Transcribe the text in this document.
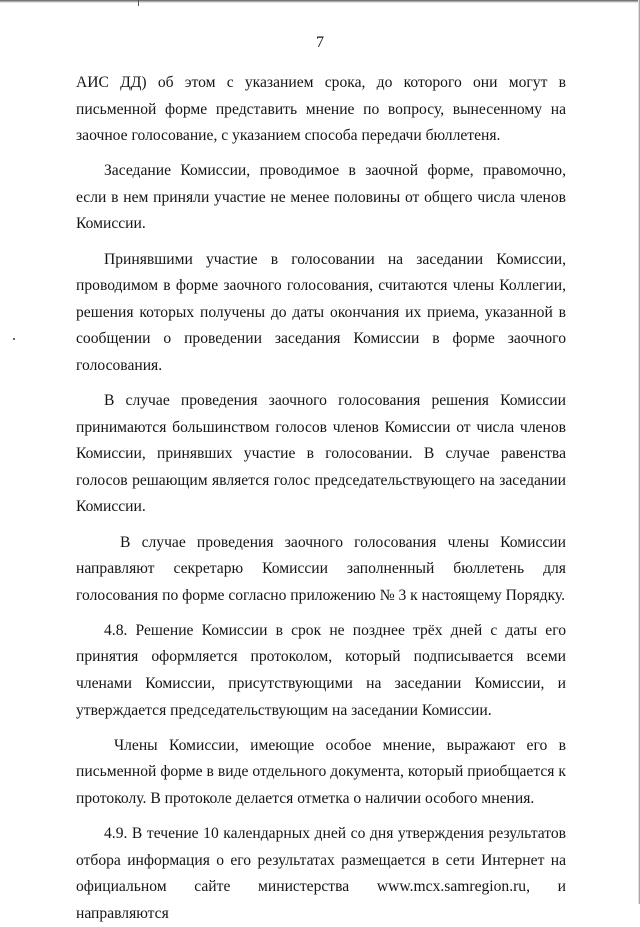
7

АИС ДД) об этом с указанием срока, до которого они могут в письменной форме представить мнение по вопросу, вынесенному на заочное голосование, с указанием способа передачи бюллетеня.

Заседание Комиссии, проводимое в заочной форме, правомочно, если в нем приняли участие не менее половины от общего числа членов Комиссии.

Принявшими участие в голосовании на заседании Комиссии, проводимом в форме заочного голосования, считаются члены Коллегии, решения которых получены до даты окончания их приема, указанной в сообщении о проведении заседания Комиссии в форме заочного голосования.

В случае проведения заочного голосования решения Комиссии принимаются большинством голосов членов Комиссии от числа членов Комиссии, принявших участие в голосовании. В случае равенства голосов решающим является голос председательствующего на заседании Комиссии.

В случае проведения заочного голосования члены Комиссии направляют секретарю Комиссии заполненный бюллетень для голосования по форме согласно приложению № 3 к настоящему Порядку.

4.8. Решение Комиссии в срок не позднее трёх дней с даты его принятия оформляется протоколом, который подписывается всеми членами Комиссии, присутствующими на заседании Комиссии, и утверждается председательствующим на заседании Комиссии.

Члены Комиссии, имеющие особое мнение, выражают его в письменной форме в виде отдельного документа, который приобщается к протоколу. В протоколе делается отметка о наличии особого мнения.

4.9. В течение 10 календарных дней со дня утверждения результатов отбора информация о его результатах размещается в сети Интернет на официальном сайте министерства www.mcx.samregion.ru, и направляются
